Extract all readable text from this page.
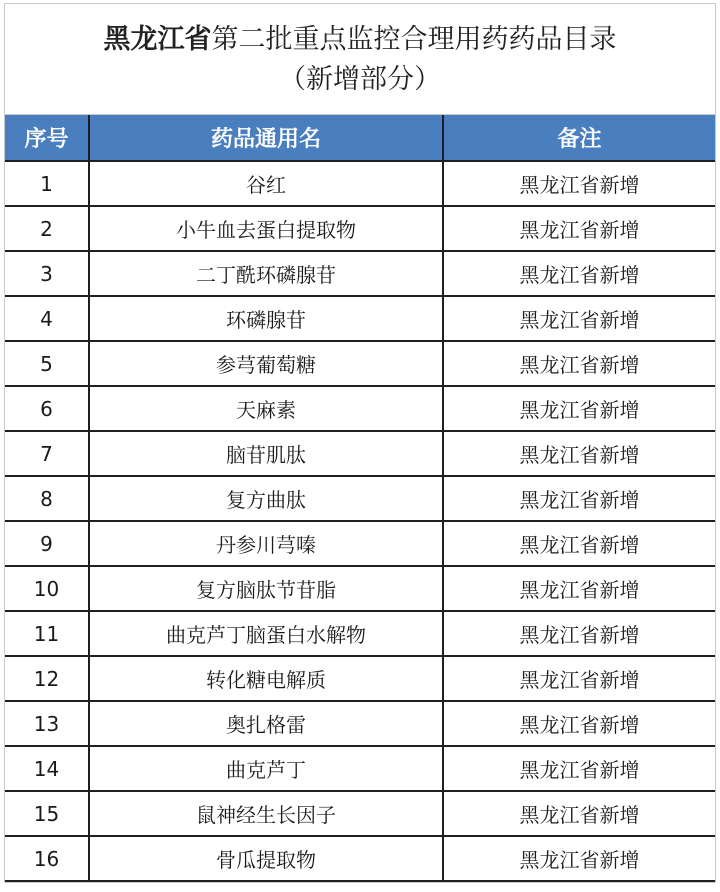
黑龙江省第二批重点监控合理用药药品目录
（新增部分）
序号	药品通用名	备注
1	谷红	黑龙江省新增
2	小牛血去蛋白提取物	黑龙江省新增
3	二丁酰环磷腺苷	黑龙江省新增
4	环磷腺苷	黑龙江省新增
5	参芎葡萄糖	黑龙江省新增
6	天麻素	黑龙江省新增
7	脑苷肌肽	黑龙江省新增
8	复方曲肽	黑龙江省新增
9	丹参川芎嗪	黑龙江省新增
10	复方脑肽节苷脂	黑龙江省新增
11	曲克芦丁脑蛋白水解物	黑龙江省新增
12	转化糖电解质	黑龙江省新增
13	奥扎格雷	黑龙江省新增
14	曲克芦丁	黑龙江省新增
15	鼠神经生长因子	黑龙江省新增
16	骨瓜提取物	黑龙江省新增
